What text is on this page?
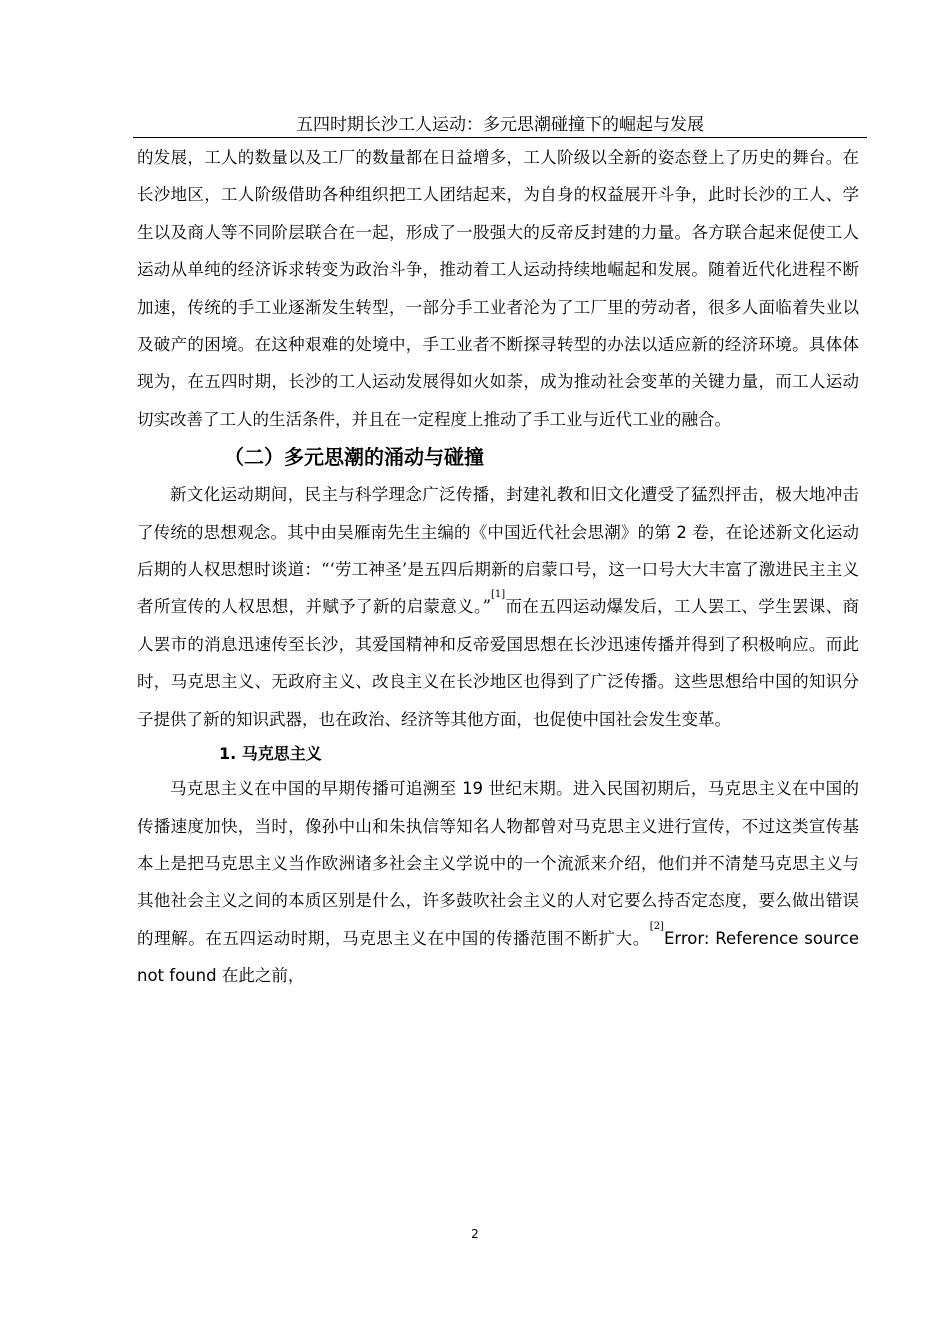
五四时期长沙工人运动：多元思潮碰撞下的崛起与发展

的发展，工人的数量以及工厂的数量都在日益增多，工人阶级以全新的姿态登上了历史的舞台。在长沙地区，工人阶级借助各种组织把工人团结起来，为自身的权益展开斗争，此时长沙的工人、学生以及商人等不同阶层联合在一起，形成了一股强大的反帝反封建的力量。各方联合起来促使工人运动从单纯的经济诉求转变为政治斗争，推动着工人运动持续地崛起和发展。随着近代化进程不断加速，传统的手工业逐渐发生转型，一部分手工业者沦为了工厂里的劳动者，很多人面临着失业以及破产的困境。在这种艰难的处境中，手工业者不断探寻转型的办法以适应新的经济环境。具体体现为，在五四时期，长沙的工人运动发展得如火如荼，成为推动社会变革的关键力量，而工人运动切实改善了工人的生活条件，并且在一定程度上推动了手工业与近代工业的融合。

（二）多元思潮的涌动与碰撞

新文化运动期间，民主与科学理念广泛传播，封建礼教和旧文化遭受了猛烈抨击，极大地冲击了传统的思想观念。其中由吴雁南先生主编的《中国近代社会思潮》的第 2 卷，在论述新文化运动后期的人权思想时谈道：“‘劳工神圣’是五四后期新的启蒙口号，这一口号大大丰富了激进民主主义者所宣传的人权思想，并赋予了新的启蒙意义。”[1]而在五四运动爆发后，工人罢工、学生罢课、商人罢市的消息迅速传至长沙，其爱国精神和反帝爱国思想在长沙迅速传播并得到了积极响应。而此时，马克思主义、无政府主义、改良主义在长沙地区也得到了广泛传播。这些思想给中国的知识分子提供了新的知识武器，也在政治、经济等其他方面，也促使中国社会发生变革。

1. 马克思主义

马克思主义在中国的早期传播可追溯至 19 世纪末期。进入民国初期后，马克思主义在中国的传播速度加快，当时，像孙中山和朱执信等知名人物都曾对马克思主义进行宣传，不过这类宣传基本上是把马克思主义当作欧洲诸多社会主义学说中的一个流派来介绍，他们并不清楚马克思主义与其他社会主义之间的本质区别是什么，许多鼓吹社会主义的人对它要么持否定态度，要么做出错误的理解。在五四运动时期，马克思主义在中国的传播范围不断扩大。[2]Error: Reference source not found 在此之前，

2
